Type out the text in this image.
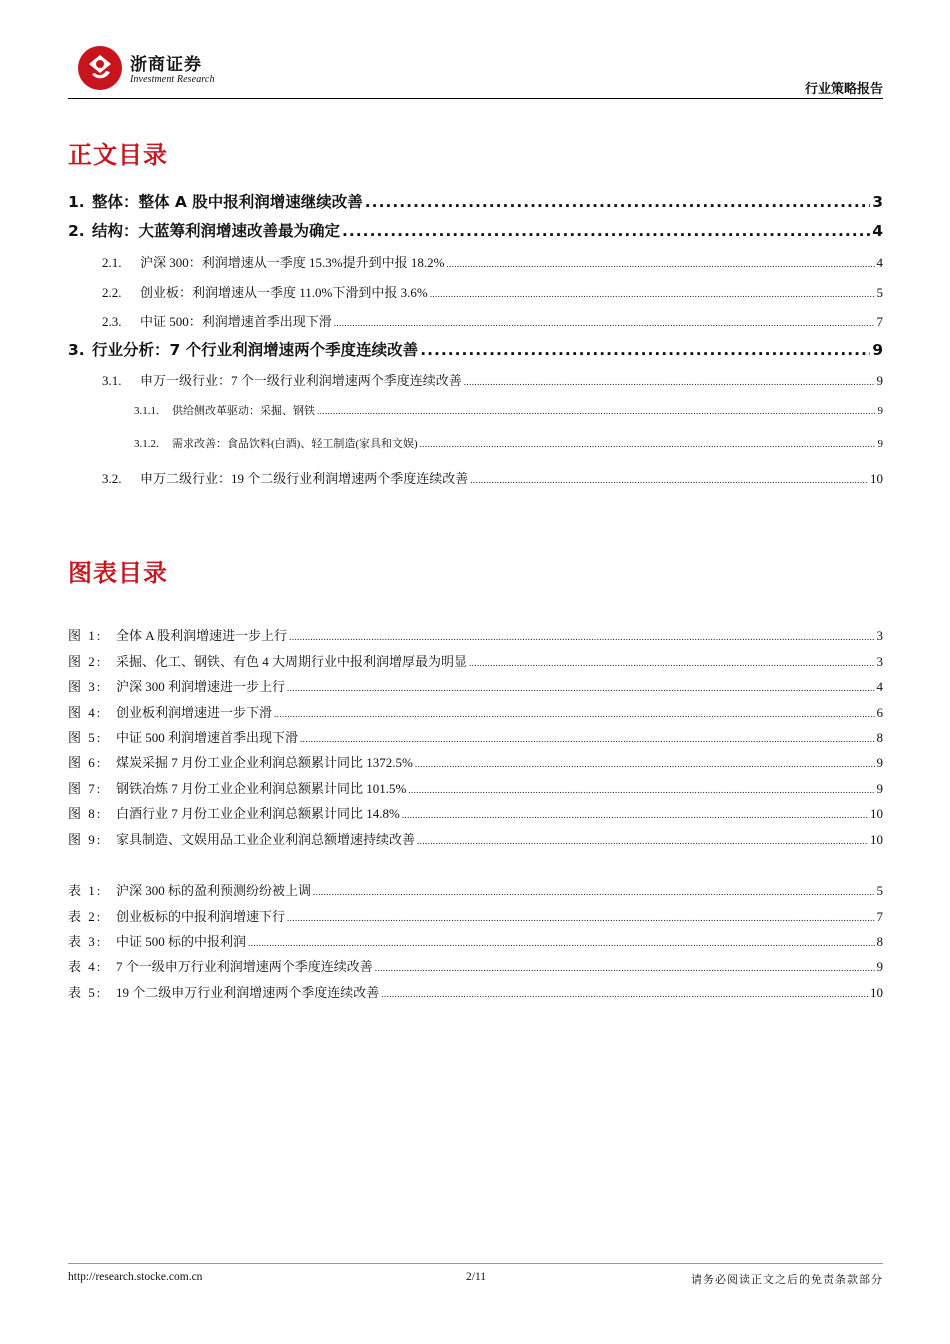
浙商证券
Investment Research
行业策略报告
正文目录
1. 整体：整体 A 股中报利润增速继续改善 .....	3
2. 结构：大蓝筹利润增速改善最为确定 .....	4
2.1.	沪深 300：利润增速从一季度 15.3%提升到中报 18.2% .....	4
2.2.	创业板：利润增速从一季度 11.0%下滑到中报 3.6% .....	5
2.3.	中证 500：利润增速首季出现下滑 .....	7
3. 行业分析：7 个行业利润增速两个季度连续改善 .....	9
3.1.	申万一级行业：7 个一级行业利润增速两个季度连续改善 .....	9
3.1.1.	供给侧改革驱动：采掘、钢铁 .....	9
3.1.2.	需求改善：食品饮料(白酒)、轻工制造(家具和文娱) .....	9
3.2.	申万二级行业：19 个二级行业利润增速两个季度连续改善 .....	10
图表目录
图 1:	全体 A 股利润增速进一步上行 .....	3
图 2:	采掘、化工、钢铁、有色 4 大周期行业中报利润增厚最为明显 .....	3
图 3:	沪深 300 利润增速进一步上行 .....	4
图 4:	创业板利润增速进一步下滑 .....	6
图 5:	中证 500 利润增速首季出现下滑 .....	8
图 6:	煤炭采掘 7 月份工业企业利润总额累计同比 1372.5% .....	9
图 7:	钢铁冶炼 7 月份工业企业利润总额累计同比 101.5% .....	9
图 8:	白酒行业 7 月份工业企业利润总额累计同比 14.8% .....	10
图 9:	家具制造、文娱用品工业企业利润总额增速持续改善 .....	10
表 1:	沪深 300 标的盈利预测纷纷被上调 .....	5
表 2:	创业板标的中报利润增速下行 .....	7
表 3:	中证 500 标的中报利润 .....	8
表 4:	7 个一级申万行业利润增速两个季度连续改善 .....	9
表 5:	19 个二级申万行业利润增速两个季度连续改善 .....	10
http://research.stocke.com.cn	2/11	请务必阅读正文之后的免责条款部分
